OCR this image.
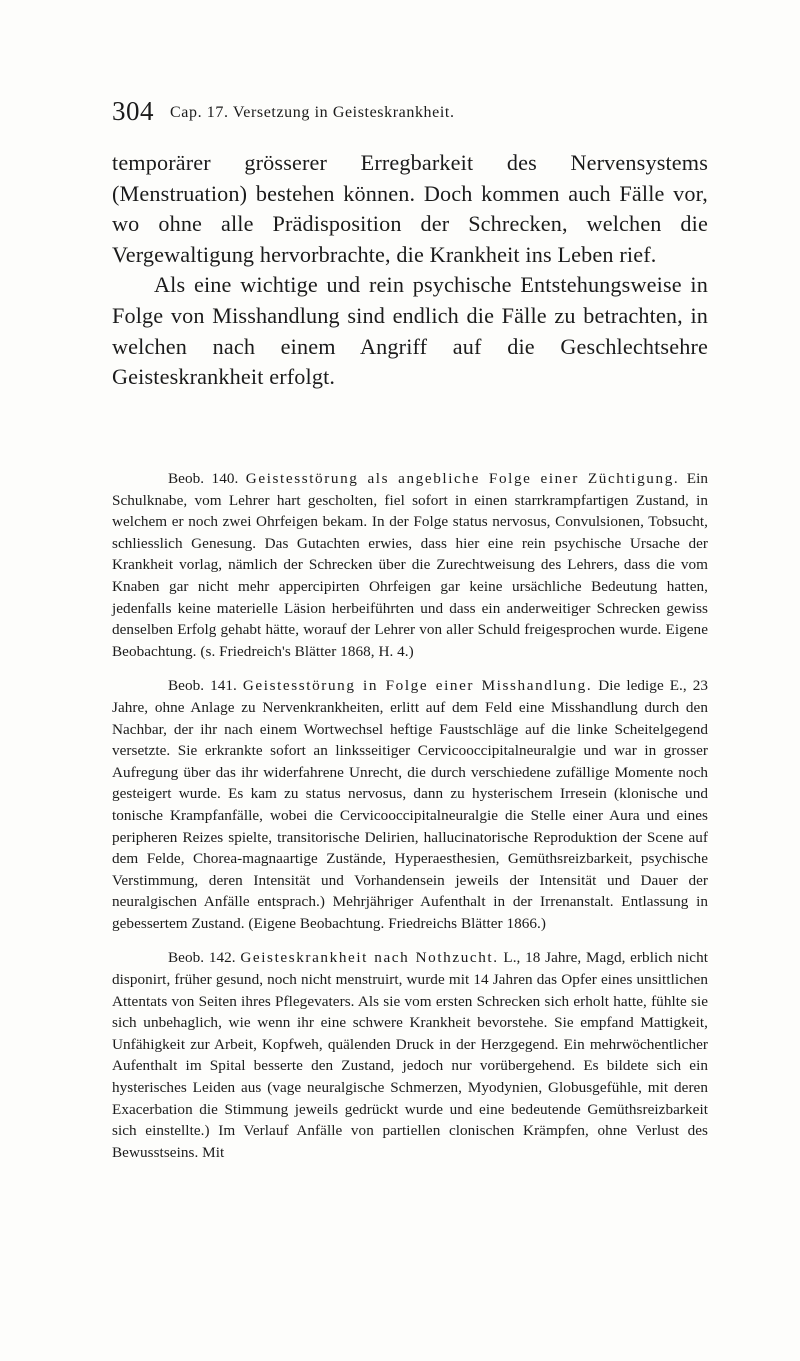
304 Cap. 17. Versetzung in Geisteskrankheit.

temporärer grösserer Erregbarkeit des Nervensystems (Menstruation) bestehen können. Doch kommen auch Fälle vor, wo ohne alle Prädisposition der Schrecken, welchen die Vergewaltigung hervorbrachte, die Krankheit ins Leben rief.

Als eine wichtige und rein psychische Entstehungsweise in Folge von Misshandlung sind endlich die Fälle zu betrachten, in welchen nach einem Angriff auf die Geschlechtsehre Geisteskrankheit erfolgt.

Beob. 140. Geistesstörung als angebliche Folge einer Züchtigung. Ein Schulknabe, vom Lehrer hart gescholten, fiel sofort in einen starrkrampfartigen Zustand, in welchem er noch zwei Ohrfeigen bekam. In der Folge status nervosus, Convulsionen, Tobsucht, schliesslich Genesung. Das Gutachten erwies, dass hier eine rein psychische Ursache der Krankheit vorlag, nämlich der Schrecken über die Zurechtweisung des Lehrers, dass die vom Knaben gar nicht mehr appercipirten Ohrfeigen gar keine ursächliche Bedeutung hatten, jedenfalls keine materielle Läsion herbeiführten und dass ein anderweitiger Schrecken gewiss denselben Erfolg gehabt hätte, worauf der Lehrer von aller Schuld freigesprochen wurde. Eigene Beobachtung. (s. Friedreich's Blätter 1868, H. 4.)

Beob. 141. Geistesstörung in Folge einer Misshandlung. Die ledige E., 23 Jahre, ohne Anlage zu Nervenkrankheiten, erlitt auf dem Feld eine Misshandlung durch den Nachbar, der ihr nach einem Wortwechsel heftige Faustschläge auf die linke Scheitelgegend versetzte. Sie erkrankte sofort an linksseitiger Cervicooccipitalneuralgie und war in grosser Aufregung über das ihr widerfahrene Unrecht, die durch verschiedene zufällige Momente noch gesteigert wurde. Es kam zu status nervosus, dann zu hysterischem Irresein (klonische und tonische Krampfanfälle, wobei die Cervicooccipitalneuralgie die Stelle einer Aura und eines peripheren Reizes spielte, transitorische Delirien, hallucinatorische Reproduktion der Scene auf dem Felde, Chorea-magnaartige Zustände, Hyperaesthesien, Gemüthsreizbarkeit, psychische Verstimmung, deren Intensität und Vorhandensein jeweils der Intensität und Dauer der neuralgischen Anfälle entsprach.) Mehrjähriger Aufenthalt in der Irrenanstalt. Entlassung in gebessertem Zustand. (Eigene Beobachtung. Friedreichs Blätter 1866.)

Beob. 142. Geisteskrankheit nach Nothzucht. L., 18 Jahre, Magd, erblich nicht disponirt, früher gesund, noch nicht menstruirt, wurde mit 14 Jahren das Opfer eines unsittlichen Attentats von Seiten ihres Pflegevaters. Als sie vom ersten Schrecken sich erholt hatte, fühlte sie sich unbehaglich, wie wenn ihr eine schwere Krankheit bevorstehe. Sie empfand Mattigkeit, Unfähigkeit zur Arbeit, Kopfweh, quälenden Druck in der Herzgegend. Ein mehrwöchentlicher Aufenthalt im Spital besserte den Zustand, jedoch nur vorübergehend. Es bildete sich ein hysterisches Leiden aus (vage neuralgische Schmerzen, Myodynien, Globusgefühle, mit deren Exacerbation die Stimmung jeweils gedrückt wurde und eine bedeutende Gemüthsreizbarkeit sich einstellte.) Im Verlauf Anfälle von partiellen clonischen Krämpfen, ohne Verlust des Bewusstseins. Mit
